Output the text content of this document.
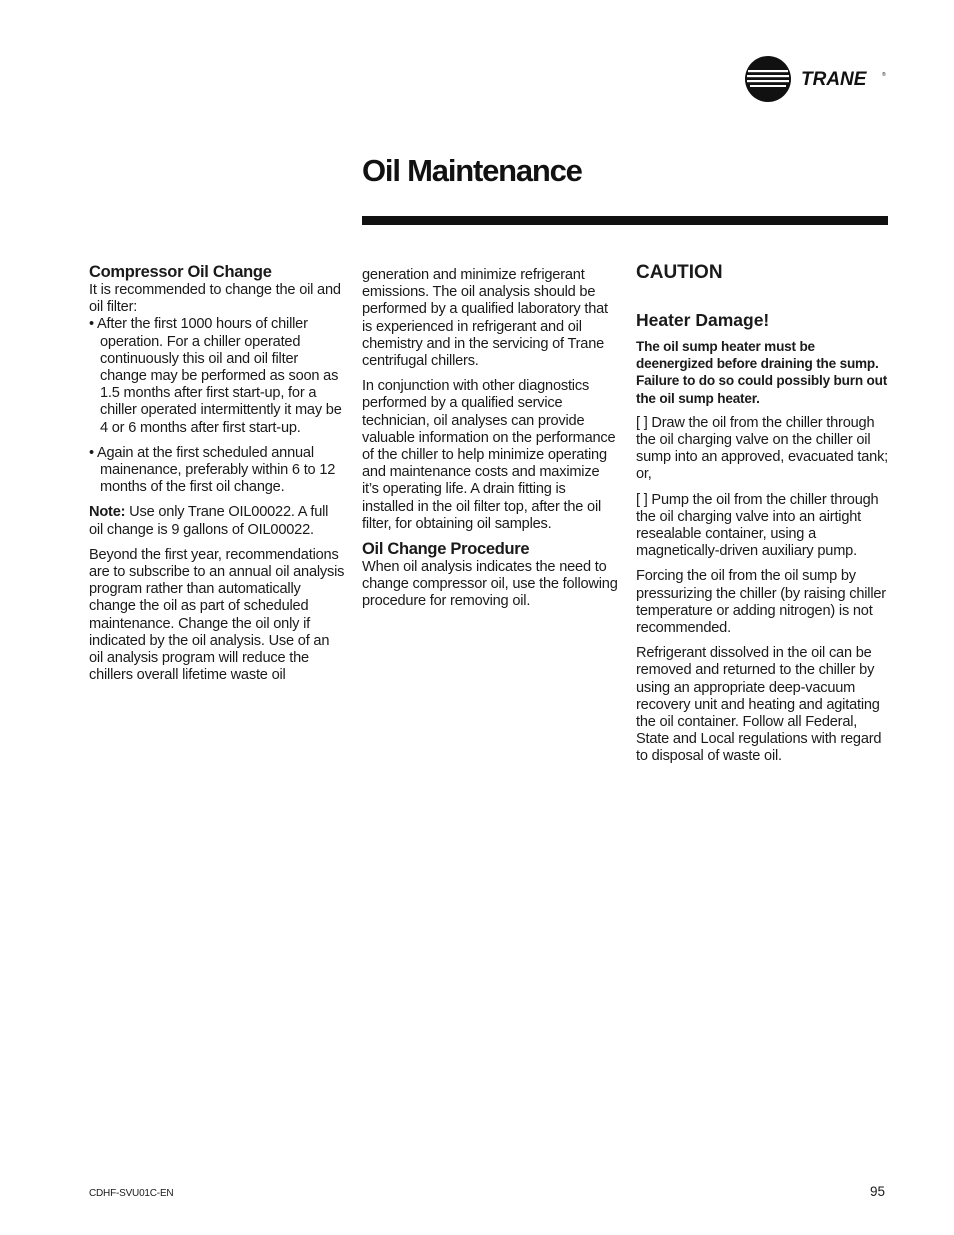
TRANE	®
Oil Maintenance
Compressor Oil Change

It is recommended to change the oil and oil filter:

• After the first 1000 hours of chiller operation. For a chiller operated continuously this oil and oil filter change may be performed as soon as 1.5 months after first start-up, for a chiller operated intermittently it may be 4 or 6 months after first start-up.

• Again at the first scheduled annual mainenance, preferably within 6 to 12 months of the first oil change.

Note: Use only Trane OIL00022. A full oil change is 9 gallons of OIL00022.

Beyond the first year, recommendations are to subscribe to an annual oil analysis program rather than automatically change the oil as part of scheduled maintenance. Change the oil only if indicated by the oil analysis. Use of an oil analysis program will reduce the chillers overall lifetime waste oil

generation and minimize refrigerant emissions. The oil analysis should be performed by a qualified laboratory that is experienced in refrigerant and oil chemistry and in the servicing of Trane centrifugal chillers.

In conjunction with other diagnostics performed by a qualified service technician, oil analyses can provide valuable information on the performance of the chiller to help minimize operating and maintenance costs and maximize it’s operating life. A drain fitting is installed in the oil filter top, after the oil filter, for obtaining oil samples.

Oil Change Procedure

When oil analysis indicates the need to change compressor oil, use the following procedure for removing oil.

CAUTION
Heater Damage!

The oil sump heater must be deenergized before draining the sump. Failure to do so could possibly burn out the oil sump heater.

[ ] Draw the oil from the chiller through the oil charging valve on the chiller oil sump into an approved, evacuated tank; or,

[ ] Pump the oil from the chiller through the oil charging valve into an airtight resealable container, using a magnetically-driven auxiliary pump.

Forcing the oil from the oil sump by pressurizing the chiller (by raising chiller temperature or adding nitrogen) is not recommended.

Refrigerant dissolved in the oil can be removed and returned to the chiller by using an appropriate deep-vacuum recovery unit and heating and agitating the oil container. Follow all Federal, State and Local regulations with regard to disposal of waste oil.

CDHF-SVU01C-EN	95
